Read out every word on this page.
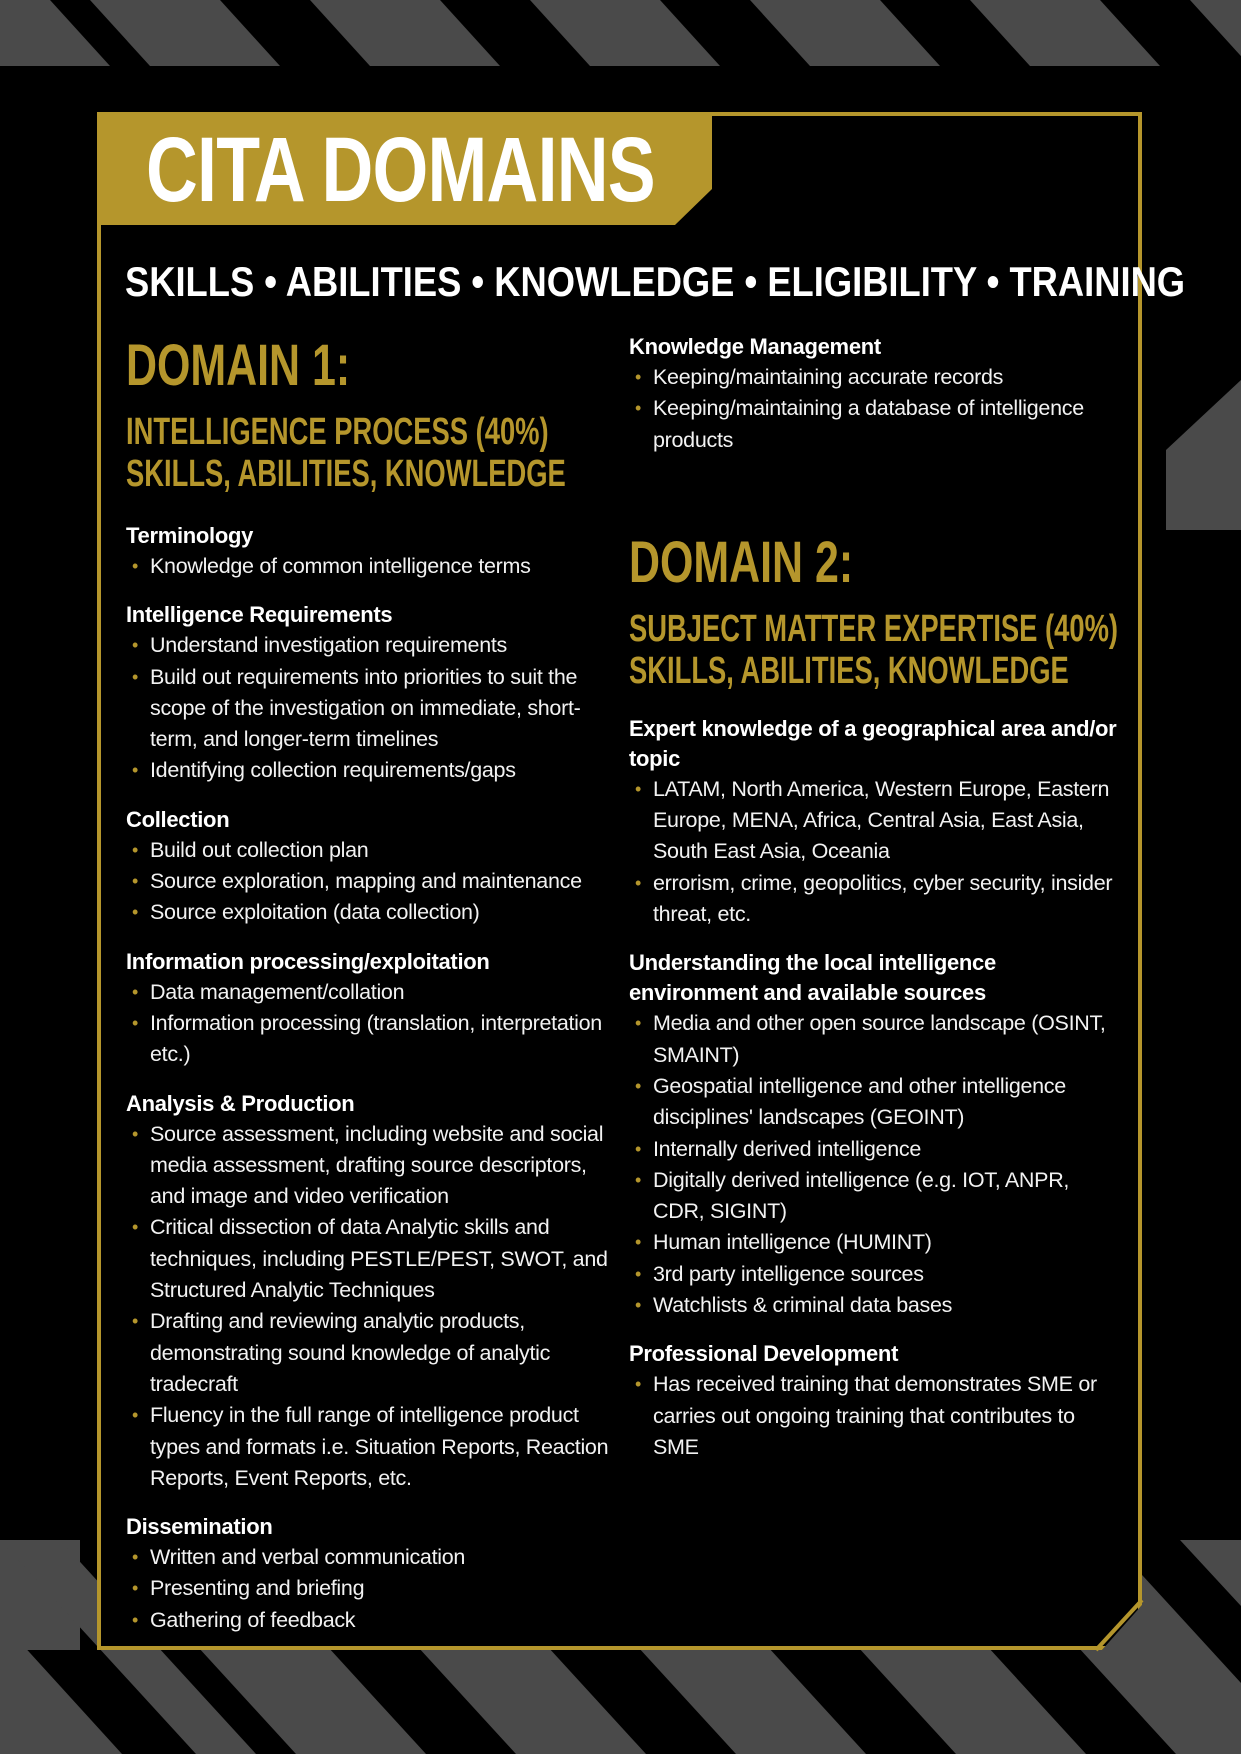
CITA DOMAINS
SKILLS • ABILITIES • KNOWLEDGE • ELIGIBILITY • TRAINING
DOMAIN 1:
INTELLIGENCE PROCESS (40%)
SKILLS, ABILITIES, KNOWLEDGE
Terminology
• Knowledge of common intelligence terms
Intelligence Requirements
• Understand investigation requirements
• Build out requirements into priorities to suit the scope of the investigation on immediate, short-term, and longer-term timelines
• Identifying collection requirements/gaps
Collection
• Build out collection plan
• Source exploration, mapping and maintenance
• Source exploitation (data collection)
Information processing/exploitation
• Data management/collation
• Information processing (translation, interpretation etc.)
Analysis & Production
• Source assessment, including website and social media assessment, drafting source descriptors, and image and video verification
• Critical dissection of data Analytic skills and techniques, including PESTLE/PEST, SWOT, and Structured Analytic Techniques
• Drafting and reviewing analytic products, demonstrating sound knowledge of analytic tradecraft
• Fluency in the full range of intelligence product types and formats i.e. Situation Reports, Reaction Reports, Event Reports, etc.
Dissemination
• Written and verbal communication
• Presenting and briefing
• Gathering of feedback
Knowledge Management
• Keeping/maintaining accurate records
• Keeping/maintaining a database of intelligence products
DOMAIN 2:
SUBJECT MATTER EXPERTISE (40%)
SKILLS, ABILITIES, KNOWLEDGE
Expert knowledge of a geographical area and/or topic
• LATAM, North America, Western Europe, Eastern Europe, MENA, Africa, Central Asia, East Asia, South East Asia, Oceania
• errorism, crime, geopolitics, cyber security, insider threat, etc.
Understanding the local intelligence environment and available sources
• Media and other open source landscape (OSINT, SMAINT)
• Geospatial intelligence and other intelligence disciplines' landscapes (GEOINT)
• Internally derived intelligence
• Digitally derived intelligence (e.g. IOT, ANPR, CDR, SIGINT)
• Human intelligence (HUMINT)
• 3rd party intelligence sources
• Watchlists & criminal data bases
Professional Development
• Has received training that demonstrates SME or carries out ongoing training that contributes to SME
